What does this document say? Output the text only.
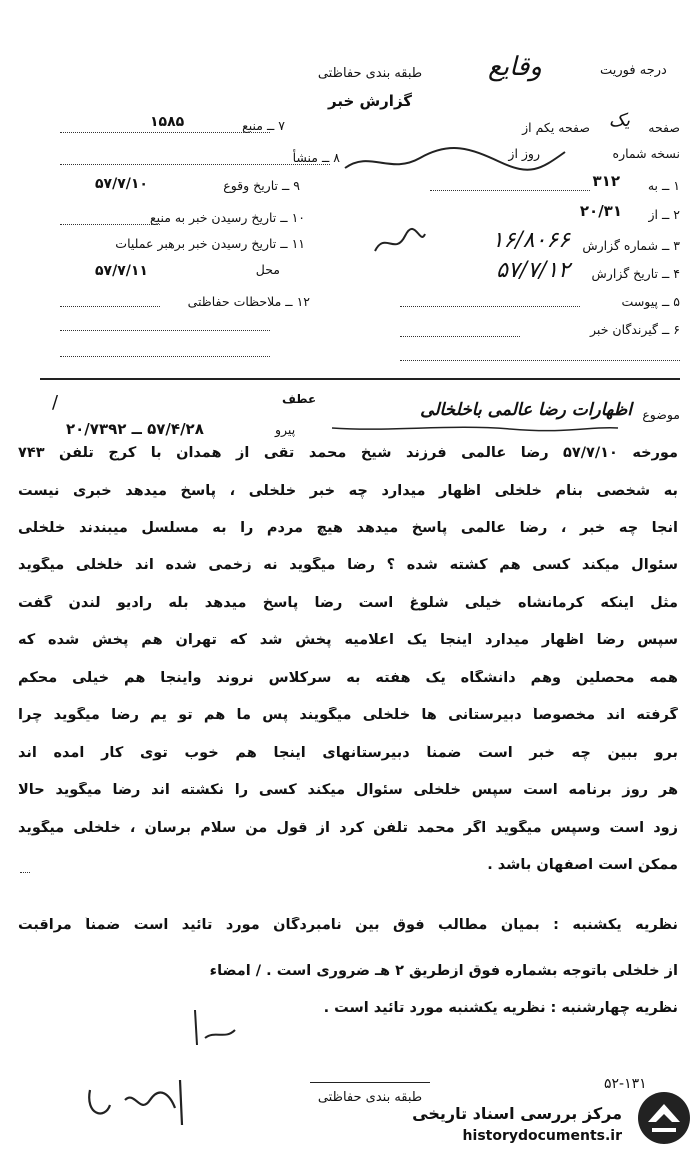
طبقه بندی حفاظتی
گزارش خبر
درجه فوریت
وقایع
۷ ــ منبع
۱۵۸۵
۸ ــ منشأ
۹ ــ تاریخ وقوع
۵۷/۷/۱۰
۱۰ ــ تاریخ رسیدن خبر به منبع
۱۱ ــ تاریخ رسیدن خبر برهبر عملیات
محل
۵۷/۷/۱۱
۱۲ ــ ملاحظات حفاظتی
صفحه یکم از یک صفحه
روز از	نسخه شماره
۱ ــ به
۳۱۲
۲ ــ از
۲۰/۳۱
۳ ــ شماره گزارش
۱۶/۸۰۶۶
۴ ــ تاریخ گزارش
۵۷/۷/۱۲
۵ ــ پیوست
۶ ــ گیرندگان خبر
عطف
موضوع
اظهارات رضا عالمی باخلخالی
پیرو
۵۷/۴/۲۸ ــ ۲۰/۷۳۹۲
/
مورخه ۵۷/۷/۱۰ رضا عالمی فرزند شیخ محمد تقی از همدان با کرج تلفن ۷۴۳
به شخصی بنام خلخلی اظهار میدارد چه خبر خلخلی ، پاسخ میدهد خبری نیست
آنجا چه خبر ، رضا عالمی پاسخ میدهد هیچ مردم را به مسلسل میبندند خلخلی
سئوال میکند کسی هم کشته شده ؟ رضا میگوید نه زخمی شده اند خلخلی میگوید
مثل اینکه کرمانشاه خیلی شلوغ است رضا پاسخ میدهد بله رادیو لندن گفت
سپس رضا اظهار میدارد اینجا یک اعلامیه پخش شد که تهران هم پخش شده که
همه محصلین وهم دانشگاه یک هفته به سرکلاس نروند واینجا هم خیلی محکم
گرفته اند مخصوصاً دبیرستانی ها خلخلی میگویند پس ما هم تو یم رضا میگوید چرا
برو ببین چه خبر است ضمناً دبیرستانهای اینجا هم خوب توی کار آمده اند
هر روز برنامه است سپس خلخلی سئوال میکند کسی را نکشته اند رضا میگوید حالا
زود است وسپس میگوید اگر محمد تلفن کرد از قول من سلام برسان ، خلخلی میگوید
ممکن است اصفهان باشد .
نظریه یکشنبه : بمیان مطالب فوق بین نامبردگان مورد تائید است ضمناً مراقبت
از خلخلی باتوجه بشماره فوق ازطریق ۲ هـ ضروری است . / امضاء
نظریه چهارشنبه : نظریه یکشنبه مورد تائید است .
طبقه بندی حفاظتی
۵۲-۱۳۱
مرکز بررسی اسناد تاریخی
historydocuments.ir
